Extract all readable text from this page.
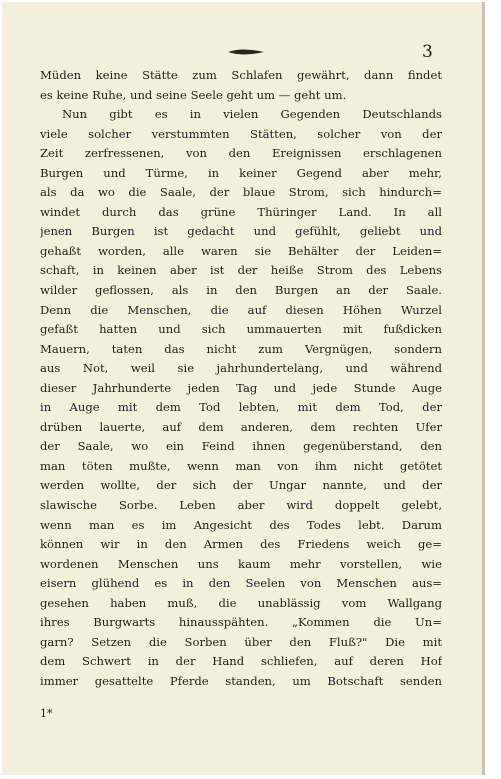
3
Müden keine Stätte zum Schlafen gewährt, dann findet
es keine Ruhe, und seine Seele geht um — geht um.
Nun gibt es in vielen Gegenden Deutschlands
viele solcher verstummten Stätten, solcher von der
Zeit zerfressenen, von den Ereignissen erschlagenen
Burgen und Türme, in keiner Gegend aber mehr,
als da wo die Saale, der blaue Strom, sich hindurch=
windet durch das grüne Thüringer Land. In all
jenen Burgen ist gedacht und gefühlt, geliebt und
gehaßt worden, alle waren sie Behälter der Leiden=
schaft, in keinen aber ist der heiße Strom des Lebens
wilder geflossen, als in den Burgen an der Saale.
Denn die Menschen, die auf diesen Höhen Wurzel
gefaßt hatten und sich ummauerten mit fußdicken
Mauern, taten das nicht zum Vergnügen, sondern
aus Not, weil sie jahrhundertelang, und während
dieser Jahrhunderte jeden Tag und jede Stunde Auge
in Auge mit dem Tod lebten, mit dem Tod, der
drüben lauerte, auf dem anderen, dem rechten Ufer
der Saale, wo ein Feind ihnen gegenüberstand, den
man töten mußte, wenn man von ihm nicht getötet
werden wollte, der sich der Ungar nannte, und der
slawische Sorbe. Leben aber wird doppelt gelebt,
wenn man es im Angesicht des Todes lebt. Darum
können wir in den Armen des Friedens weich ge=
wordenen Menschen uns kaum mehr vorstellen, wie
eisern glühend es in den Seelen von Menschen aus=
gesehen haben muß, die unablässig vom Wallgang
ihres Burgwarts hinausspähten. „Kommen die Un=
garn? Setzen die Sorben über den Fluß?" Die mit
dem Schwert in der Hand schliefen, auf deren Hof
immer gesattelte Pferde standen, um Botschaft senden
1*
